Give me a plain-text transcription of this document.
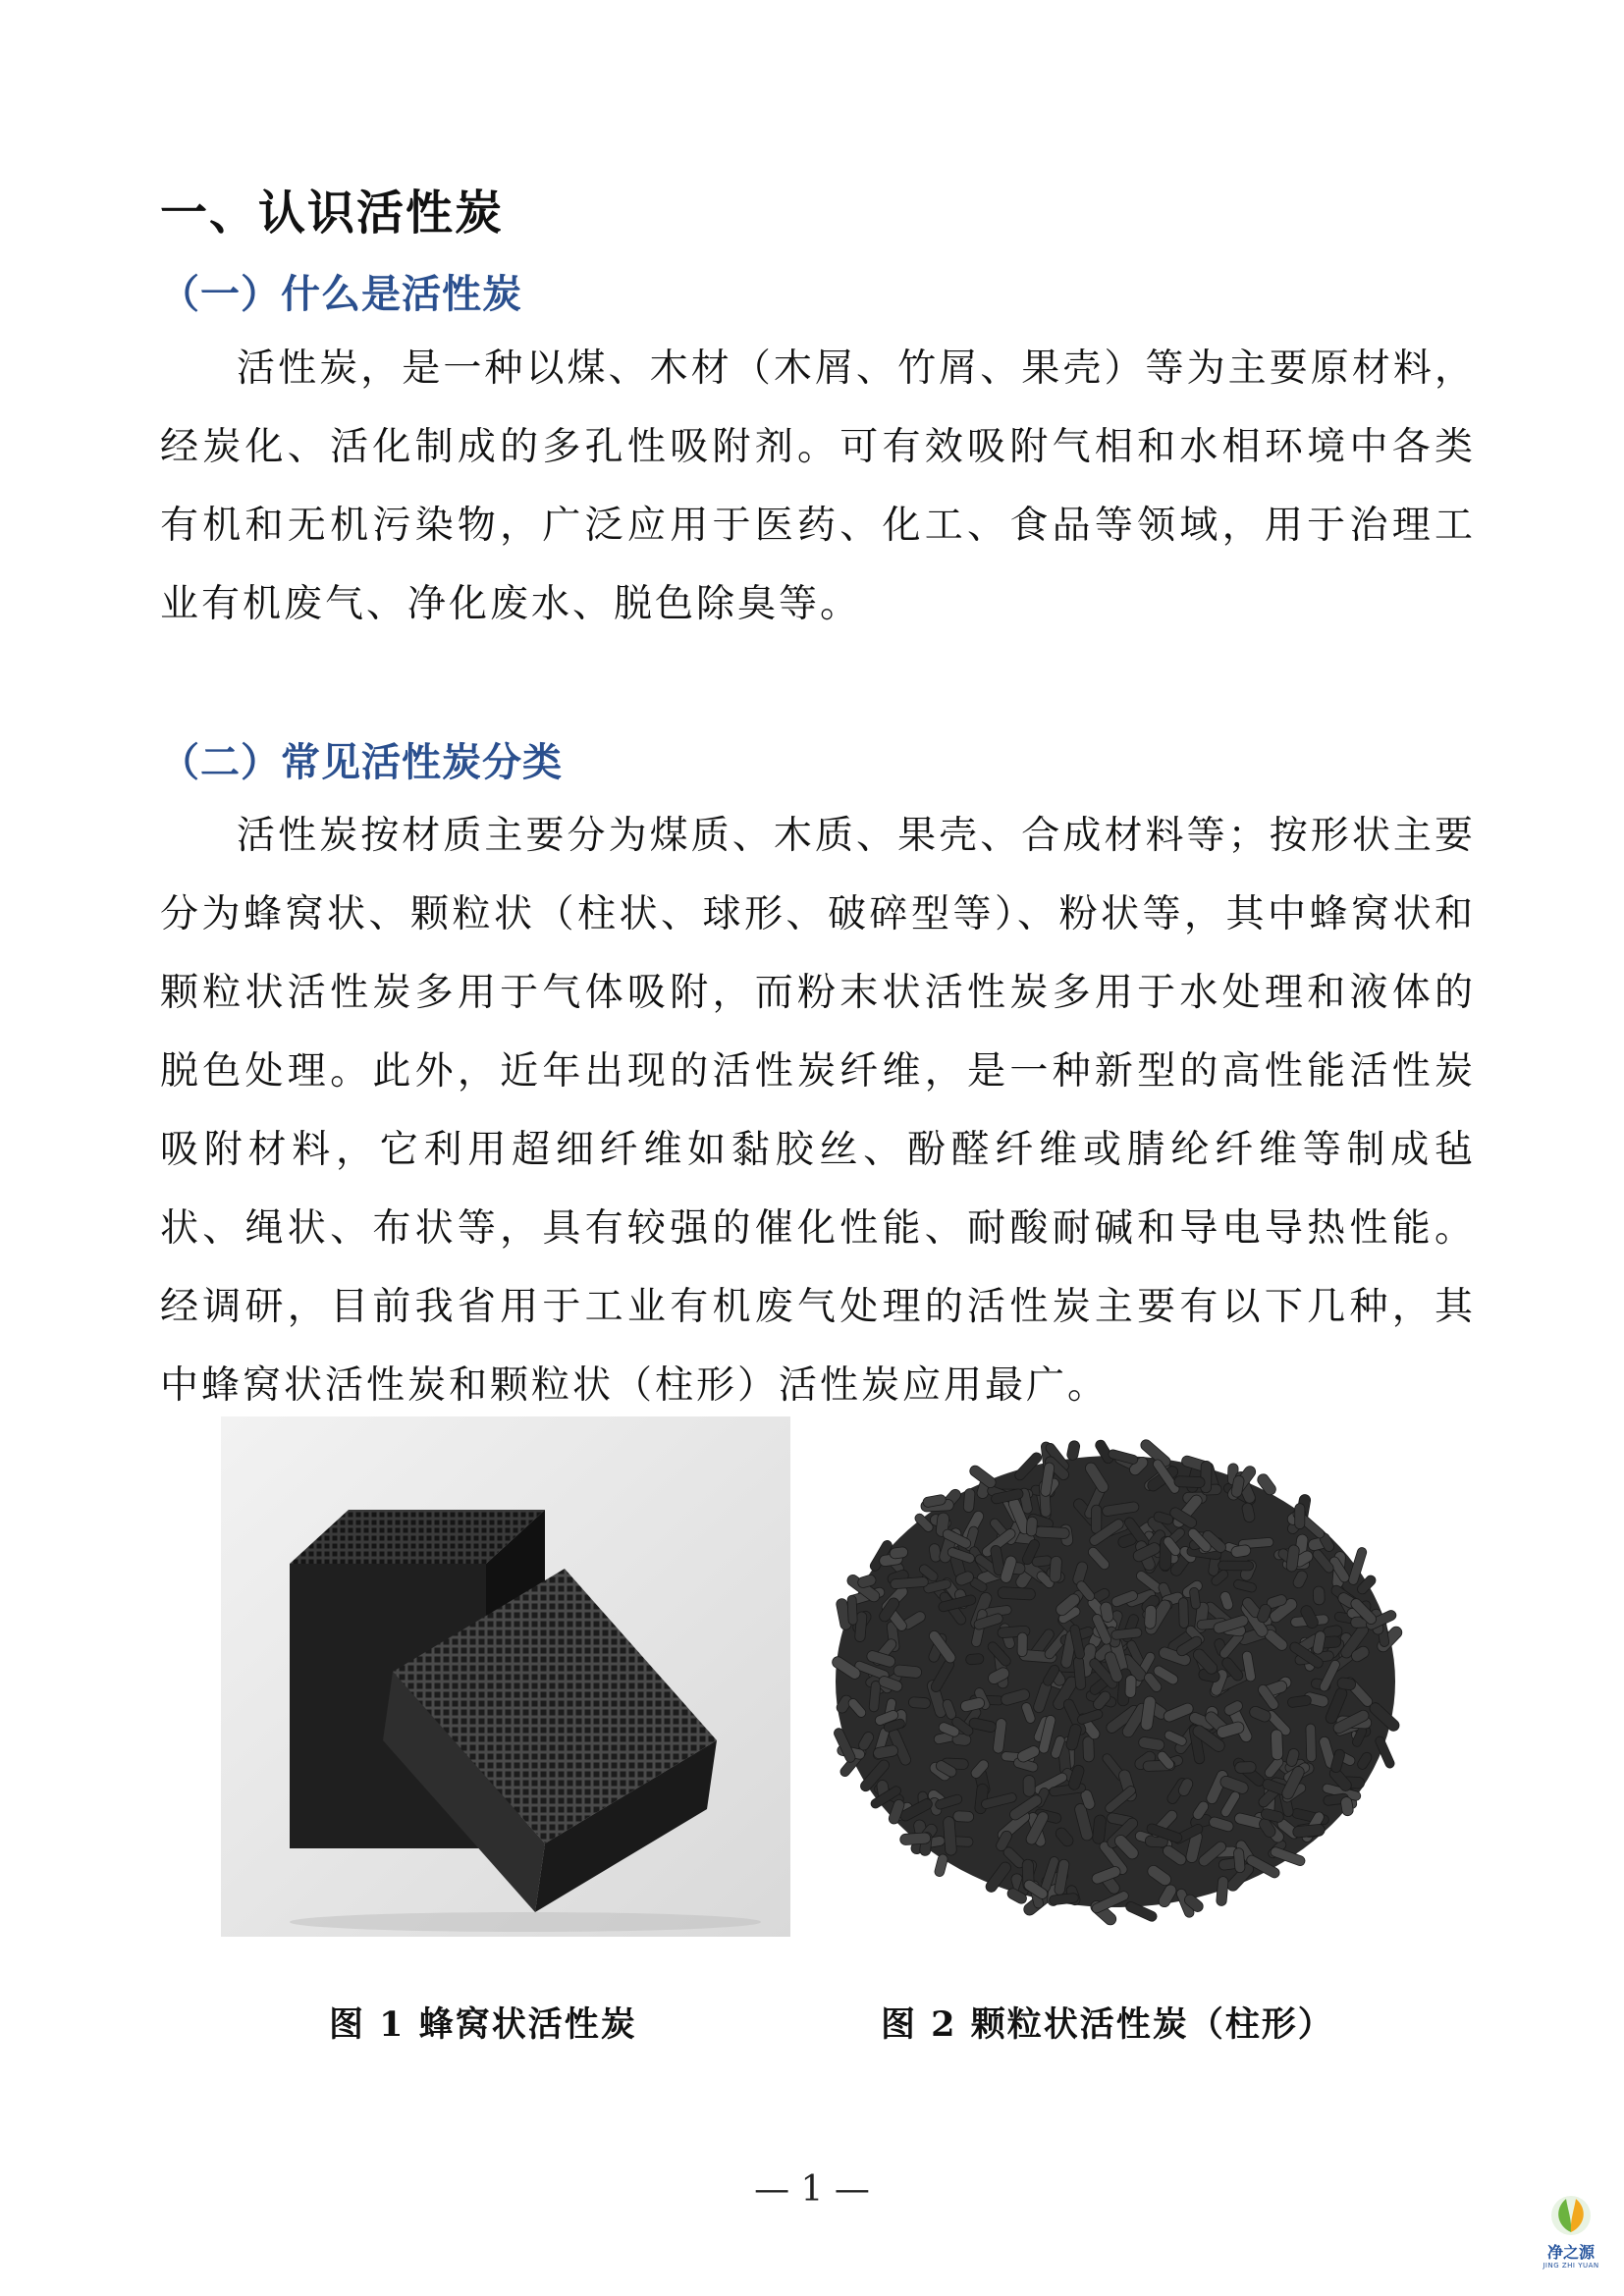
一、认识活性炭
（一）什么是活性炭
活性炭，是一种以煤、木材（木屑、竹屑、果壳）等为主要原材料，经炭化、活化制成的多孔性吸附剂。可有效吸附气相和水相环境中各类有机和无机污染物，广泛应用于医药、化工、食品等领域，用于治理工业有机废气、净化废水、脱色除臭等。
（二）常见活性炭分类
活性炭按材质主要分为煤质、木质、果壳、合成材料等；按形状主要分为蜂窝状、颗粒状（柱状、球形、破碎型等）、粉状等，其中蜂窝状和颗粒状活性炭多用于气体吸附，而粉末状活性炭多用于水处理和液体的脱色处理。此外，近年出现的活性炭纤维，是一种新型的高性能活性炭吸附材料，它利用超细纤维如黏胶丝、酚醛纤维或腈纶纤维等制成毡状、绳状、布状等，具有较强的催化性能、耐酸耐碱和导电导热性能。经调研，目前我省用于工业有机废气处理的活性炭主要有以下几种，其中蜂窝状活性炭和颗粒状（柱形）活性炭应用最广。
图 1 蜂窝状活性炭	图 2 颗粒状活性炭（柱形）
— 1 —
净之源
JING ZHI YUAN
